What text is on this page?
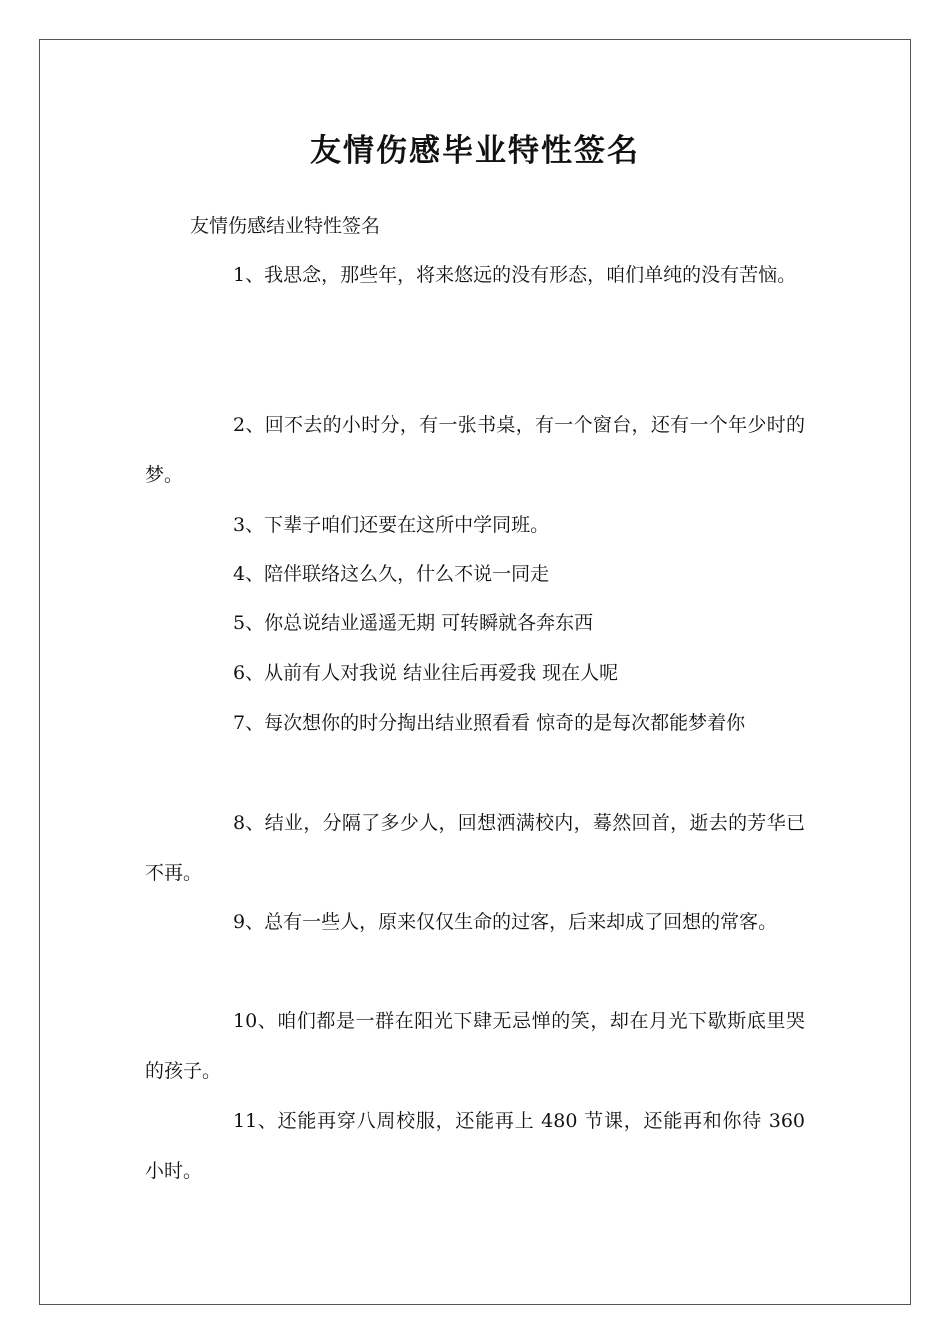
友情伤感毕业特性签名
友情伤感结业特性签名

1、我思念，那些年，将来悠远的没有形态，咱们单纯的没有苦恼。

2、回不去的小时分，有一张书桌，有一个窗台，还有一个年少时的梦。

3、下辈子咱们还要在这所中学同班。

4、陪伴联络这么久，什么不说一同走

5、你总说结业遥遥无期 可转瞬就各奔东西

6、从前有人对我说 结业往后再爱我 现在人呢

7、每次想你的时分掏出结业照看看 惊奇的是每次都能梦着你

8、结业，分隔了多少人，回想洒满校内，蓦然回首，逝去的芳华已不再。

9、总有一些人，原来仅仅生命的过客，后来却成了回想的常客。

10、咱们都是一群在阳光下肆无忌惮的笑，却在月光下歇斯底里哭的孩子。

11、还能再穿八周校服，还能再上 480 节课，还能再和你待 360 小时。
